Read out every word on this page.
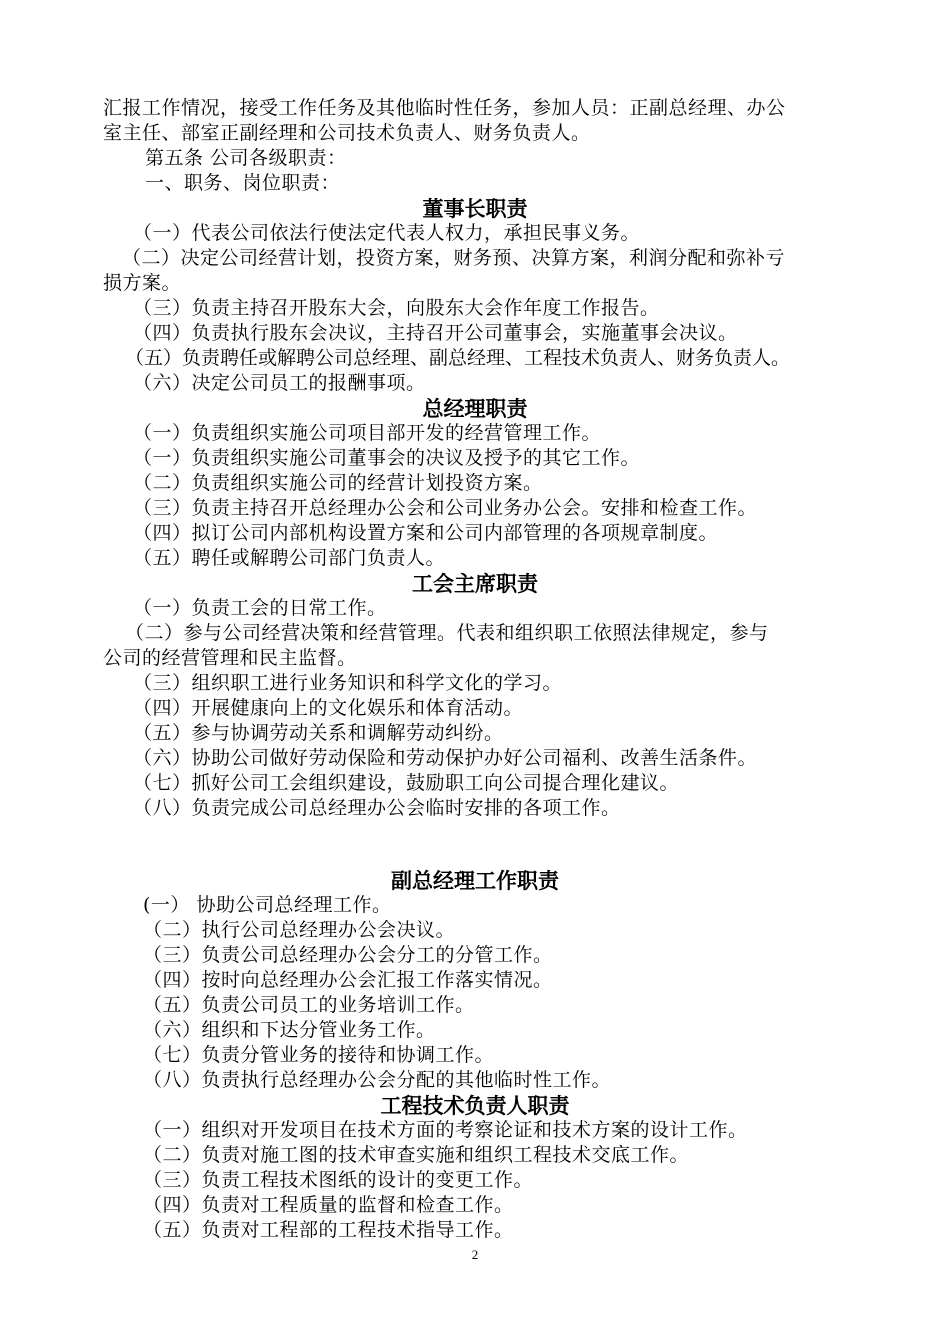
汇报工作情况，接受工作任务及其他临时性任务，参加人员：正副总经理、办公
室主任、部室正副经理和公司技术负责人、财务负责人。
第五条 公司各级职责：
一、职务、岗位职责：
董事长职责
（一）代表公司依法行使法定代表人权力，承担民事义务。
（二）决定公司经营计划，投资方案，财务预、决算方案，利润分配和弥补亏
损方案。
（三）负责主持召开股东大会，向股东大会作年度工作报告。
（四）负责执行股东会决议，主持召开公司董事会，实施董事会决议。
（五）负责聘任或解聘公司总经理、副总经理、工程技术负责人、财务负责人。
（六）决定公司员工的报酬事项。
总经理职责
（一）负责组织实施公司项目部开发的经营管理工作。
（一）负责组织实施公司董事会的决议及授予的其它工作。
（二）负责组织实施公司的经营计划投资方案。
（三）负责主持召开总经理办公会和公司业务办公会。安排和检查工作。
（四）拟订公司内部机构设置方案和公司内部管理的各项规章制度。
（五）聘任或解聘公司部门负责人。
工会主席职责
（一）负责工会的日常工作。
（二）参与公司经营决策和经营管理。代表和组织职工依照法律规定，参与
公司的经营管理和民主监督。
（三）组织职工进行业务知识和科学文化的学习。
（四）开展健康向上的文化娱乐和体育活动。
（五）参与协调劳动关系和调解劳动纠纷。
（六）协助公司做好劳动保险和劳动保护办好公司福利、改善生活条件。
（七）抓好公司工会组织建设，鼓励职工向公司提合理化建议。
（八）负责完成公司总经理办公会临时安排的各项工作。
副总经理工作职责
(一） 协助公司总经理工作。
（二）执行公司总经理办公会决议。
（三）负责公司总经理办公会分工的分管工作。
（四）按时向总经理办公会汇报工作落实情况。
（五）负责公司员工的业务培训工作。
（六）组织和下达分管业务工作。
（七）负责分管业务的接待和协调工作。
（八）负责执行总经理办公会分配的其他临时性工作。
工程技术负责人职责
（一）组织对开发项目在技术方面的考察论证和技术方案的设计工作。
（二）负责对施工图的技术审查实施和组织工程技术交底工作。
（三）负责工程技术图纸的设计的变更工作。
（四）负责对工程质量的监督和检查工作。
（五）负责对工程部的工程技术指导工作。
2
